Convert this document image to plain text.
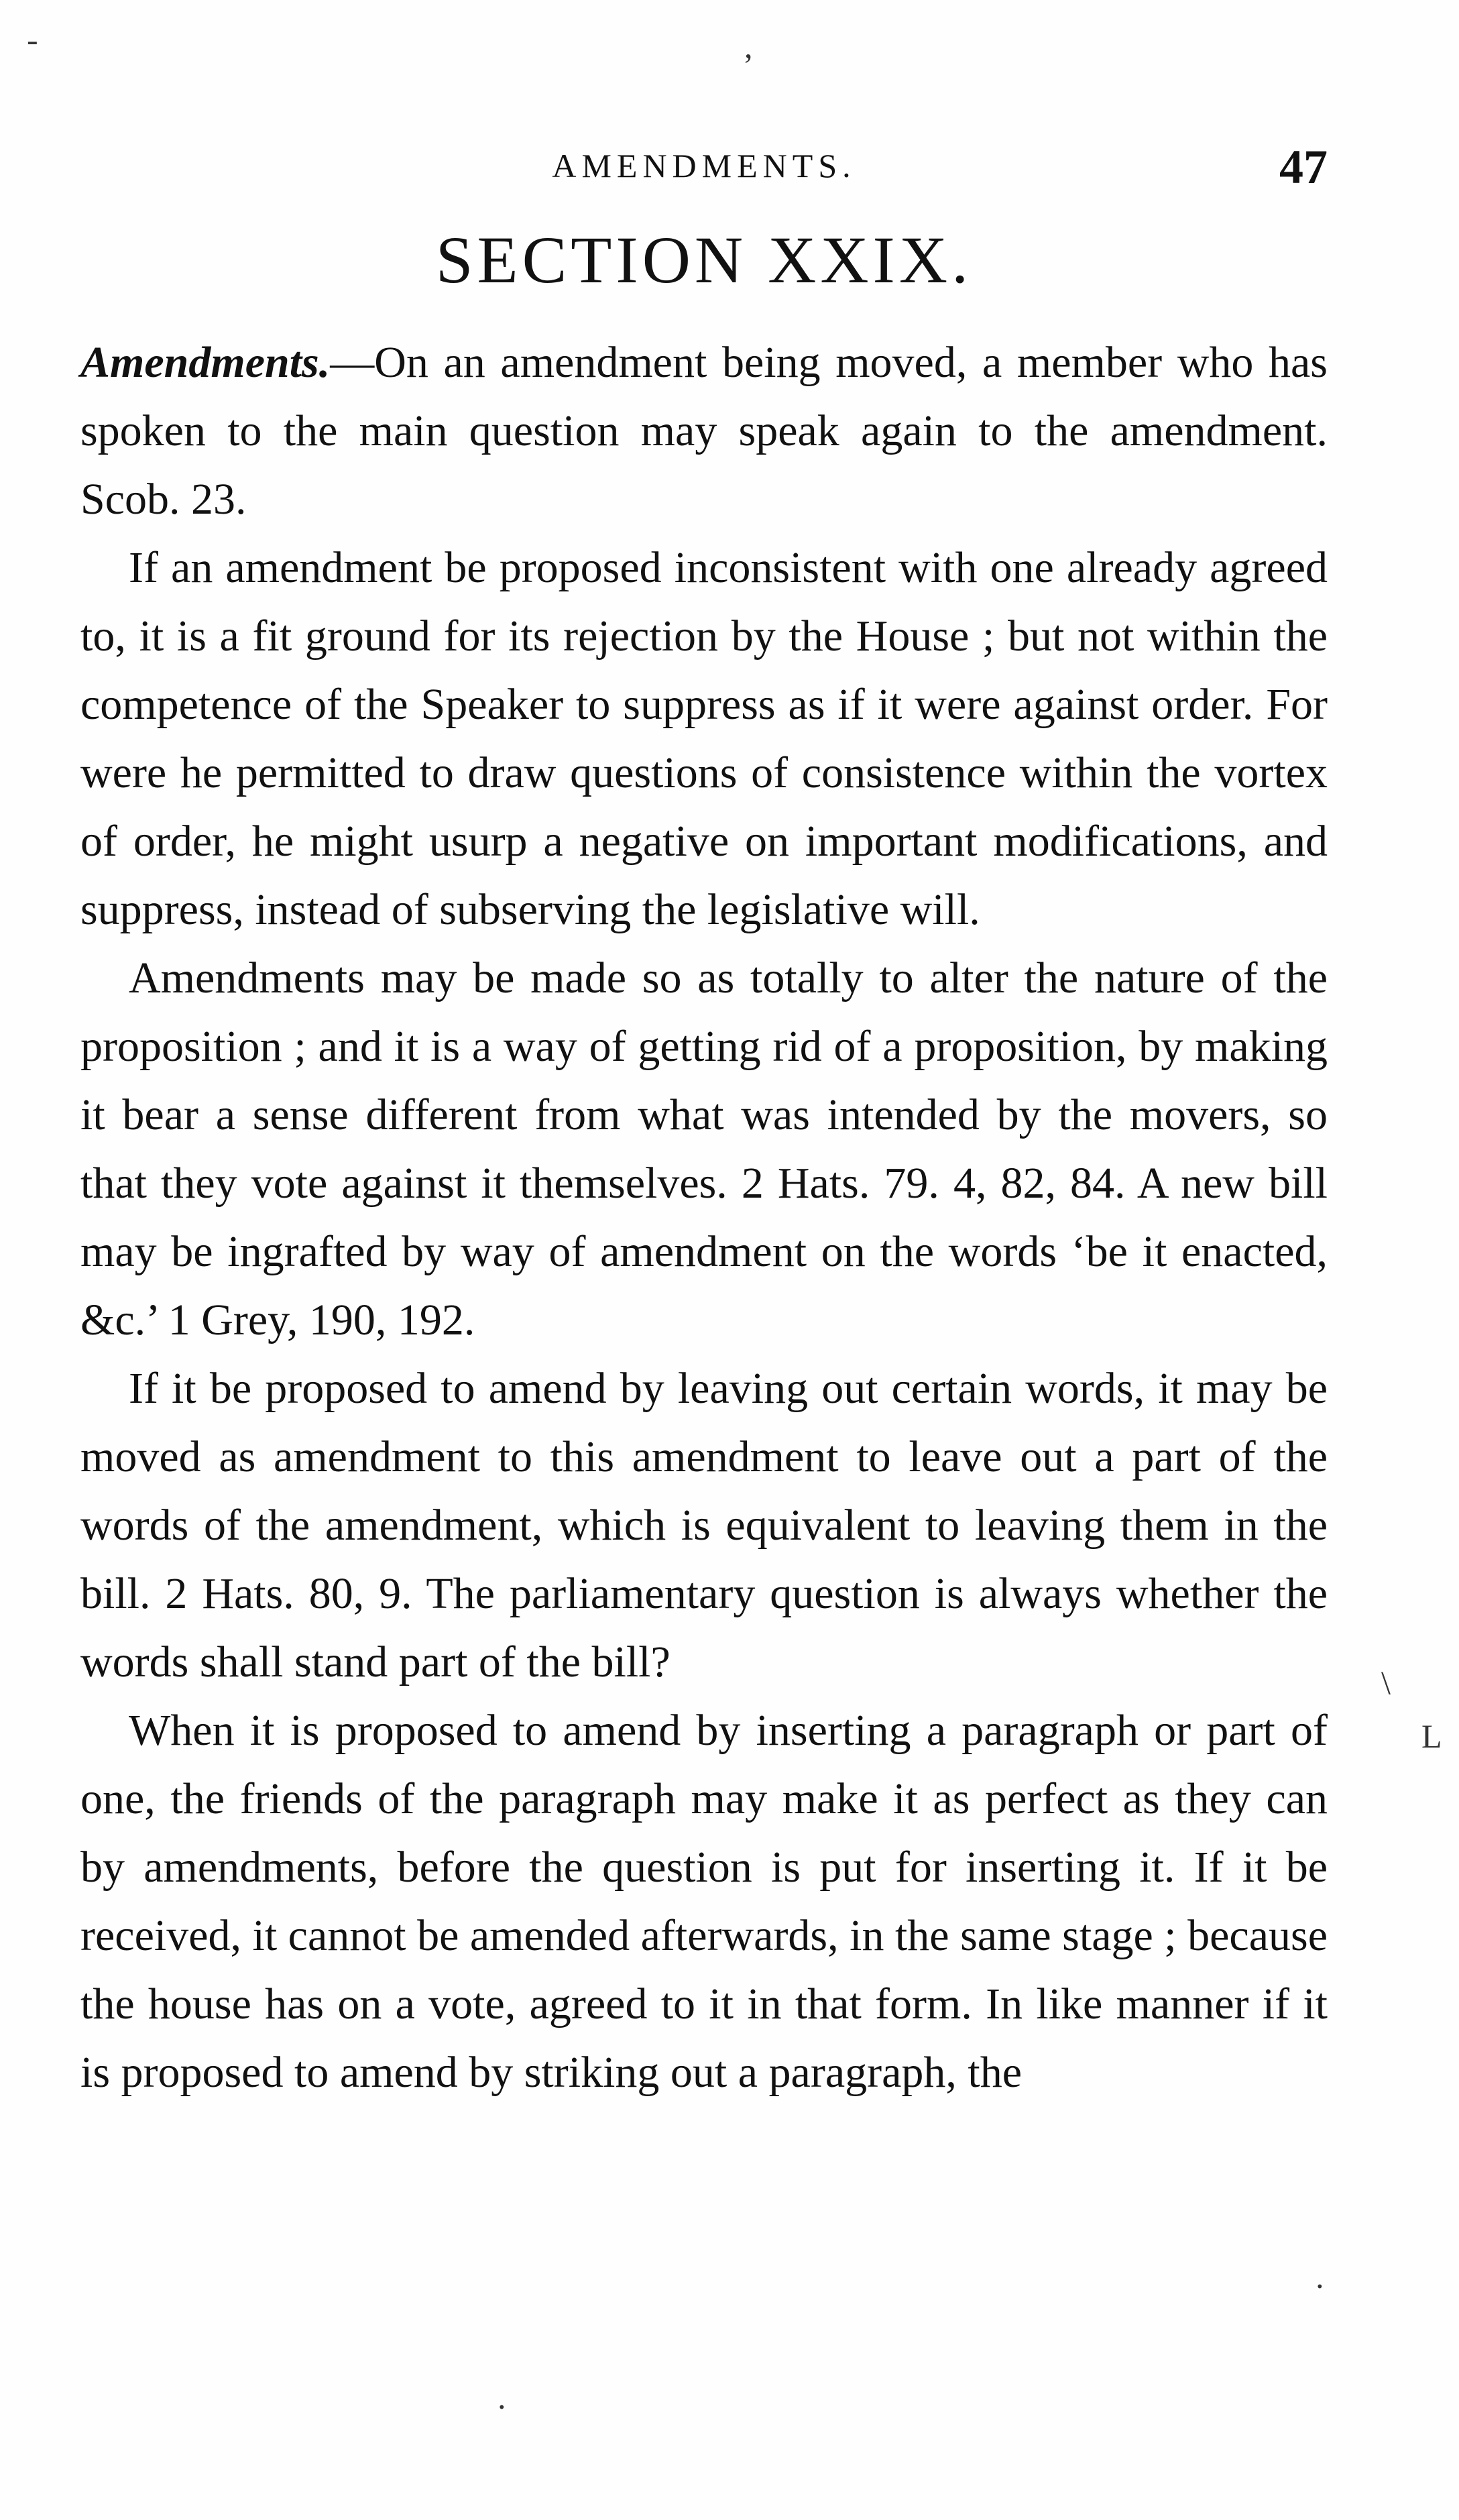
AMENDMENTS.	47
SECTION XXIX.

Amendments.—On an amendment being moved, a member who has spoken to the main question may speak again to the amendment. Scob. 23.

If an amendment be proposed inconsistent with one already agreed to, it is a fit ground for its rejection by the House ; but not within the competence of the Speaker to suppress as if it were against order. For were he permitted to draw questions of consistence within the vortex of order, he might usurp a negative on important modifications, and suppress, instead of subserving the legislative will.

Amendments may be made so as totally to alter the nature of the proposition ; and it is a way of getting rid of a proposition, by making it bear a sense different from what was intended by the movers, so that they vote against it themselves. 2 Hats. 79. 4, 82, 84. A new bill may be ingrafted by way of amendment on the words ‘be it enacted, &c.’ 1 Grey, 190, 192.

If it be proposed to amend by leaving out certain words, it may be moved as amendment to this amendment to leave out a part of the words of the amendment, which is equivalent to leaving them in the bill. 2 Hats. 80, 9. The parliamentary question is always whether the words shall stand part of the bill?

When it is proposed to amend by inserting a paragraph or part of one, the friends of the paragraph may make it as perfect as they can by amendments, before the question is put for inserting it. If it be received, it cannot be amended afterwards, in the same stage ; because the house has on a vote, agreed to it in that form. In like manner if it is proposed to amend by striking out a paragraph, the

-	,
\
L
·
·
